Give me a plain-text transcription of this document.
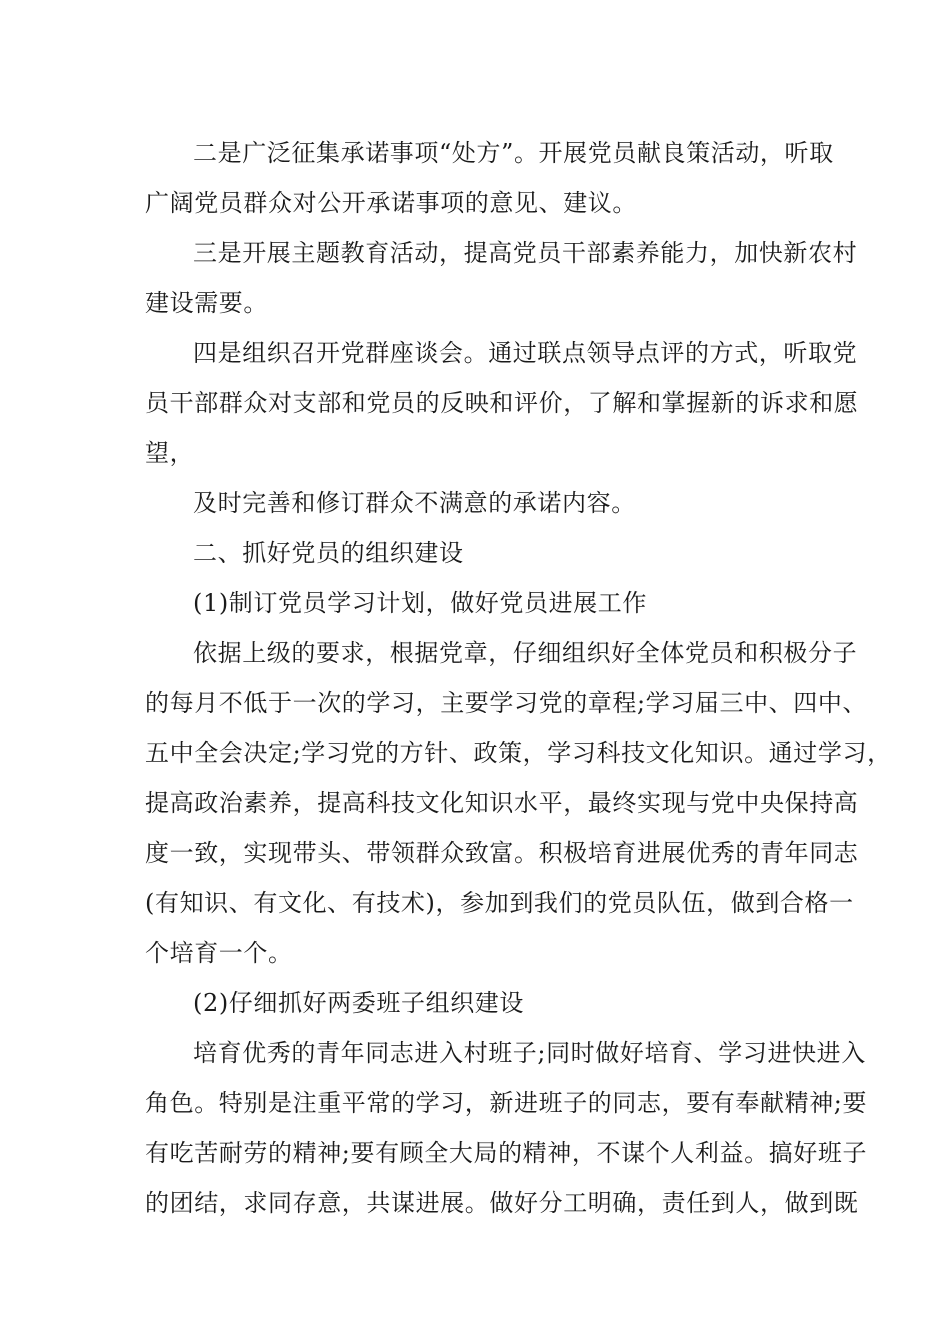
二是广泛征集承诺事项“处方”。开展党员献良策活动，听取
广阔党员群众对公开承诺事项的意见、建议。
三是开展主题教育活动，提高党员干部素养能力，加快新农村
建设需要。
四是组织召开党群座谈会。通过联点领导点评的方式，听取党
员干部群众对支部和党员的反映和评价，了解和掌握新的诉求和愿
望，
及时完善和修订群众不满意的承诺内容。
二、抓好党员的组织建设
(1)制订党员学习计划，做好党员进展工作
依据上级的要求，根据党章，仔细组织好全体党员和积极分子
的每月不低于一次的学习，主要学习党的章程;学习届三中、四中、
五中全会决定;学习党的方针、政策，学习科技文化知识。通过学习，
提高政治素养，提高科技文化知识水平，最终实现与党中央保持高
度一致，实现带头、带领群众致富。积极培育进展优秀的青年同志
(有知识、有文化、有技术)，参加到我们的党员队伍，做到合格一
个培育一个。
(2)仔细抓好两委班子组织建设
培育优秀的青年同志进入村班子;同时做好培育、学习进快进入
角色。特别是注重平常的学习，新进班子的同志，要有奉献精神;要
有吃苦耐劳的精神;要有顾全大局的精神，不谋个人利益。搞好班子
的团结，求同存意，共谋进展。做好分工明确，责任到人，做到既
